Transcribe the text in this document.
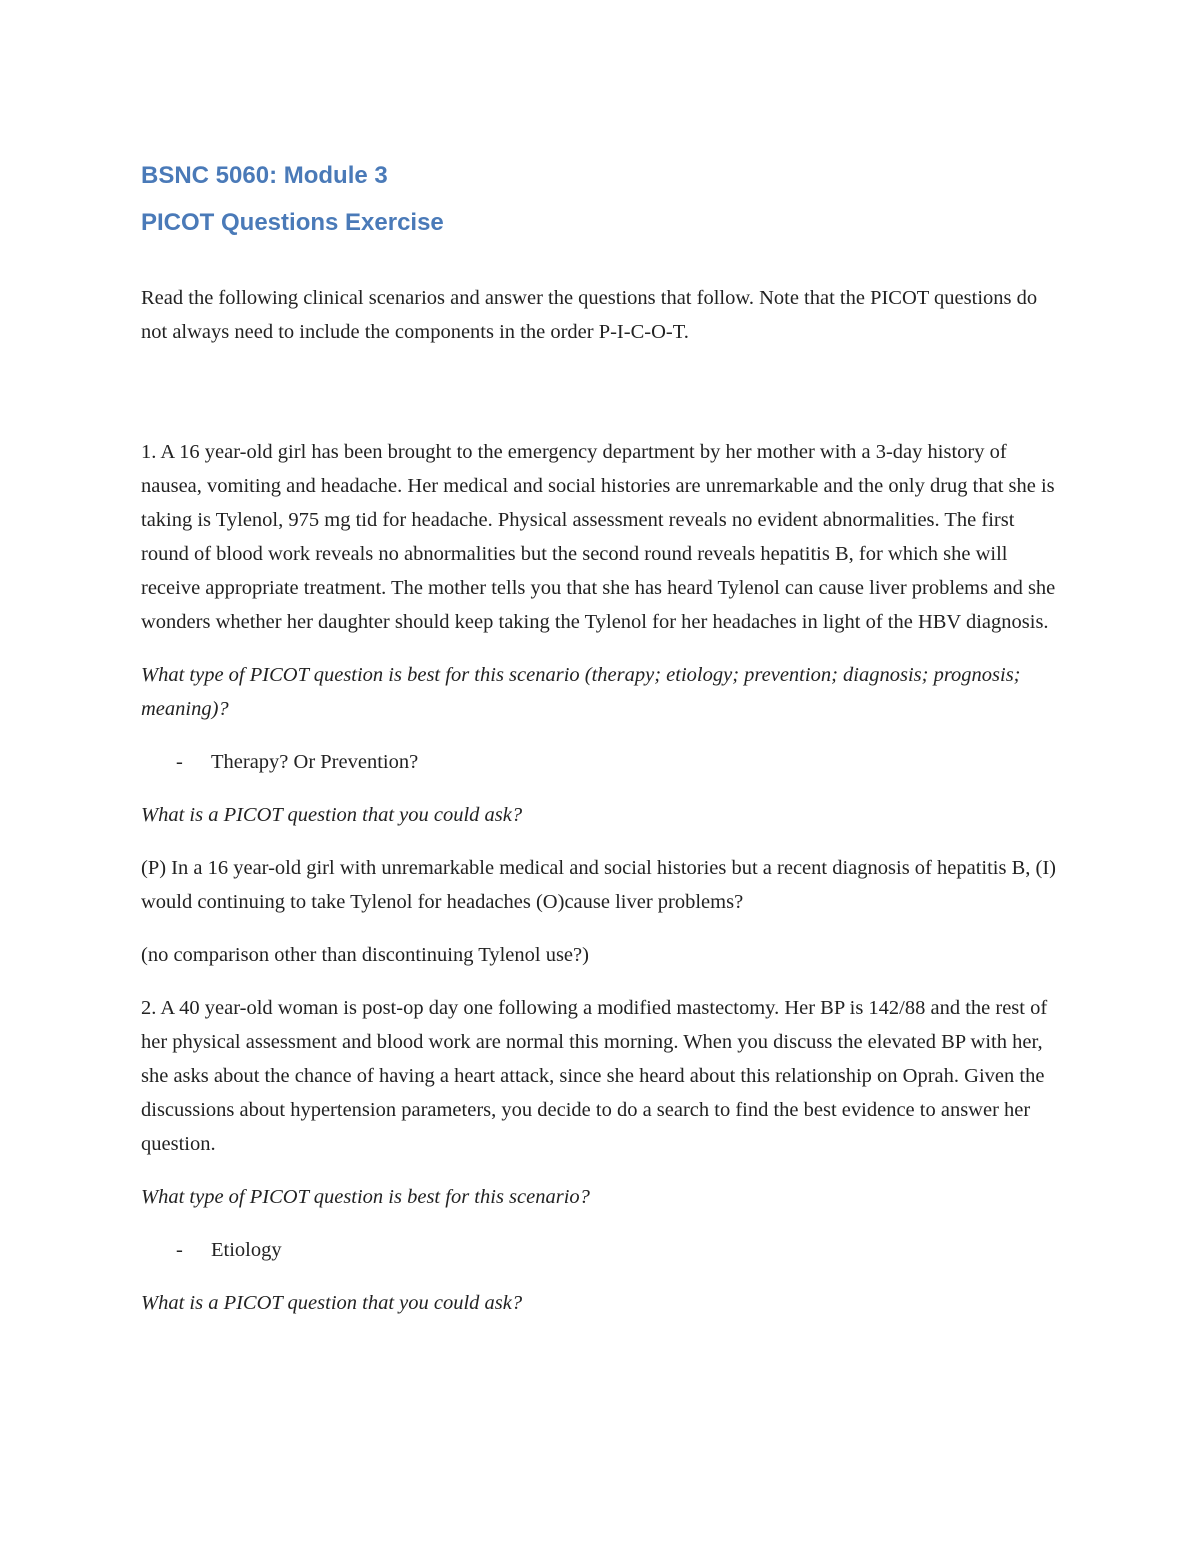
BSNC 5060: Module 3
PICOT Questions Exercise

Read the following clinical scenarios and answer the questions that follow. Note that the PICOT questions do not always need to include the components in the order P-I-C-O-T.

1. A 16 year-old girl has been brought to the emergency department by her mother with a 3-day history of nausea, vomiting and headache. Her medical and social histories are unremarkable and the only drug that she is taking is Tylenol, 975 mg tid for headache. Physical assessment reveals no evident abnormalities. The first round of blood work reveals no abnormalities but the second round reveals hepatitis B, for which she will receive appropriate treatment. The mother tells you that she has heard Tylenol can cause liver problems and she wonders whether her daughter should keep taking the Tylenol for her headaches in light of the HBV diagnosis.

What type of PICOT question is best for this scenario (therapy; etiology; prevention; diagnosis; prognosis; meaning)?

-	Therapy? Or Prevention?

What is a PICOT question that you could ask?

(P) In a 16 year-old girl with unremarkable medical and social histories but a recent diagnosis of hepatitis B, (I) would continuing to take Tylenol for headaches (O)cause liver problems?

(no comparison other than discontinuing Tylenol use?)

2. A 40 year-old woman is post-op day one following a modified mastectomy. Her BP is 142/88 and the rest of her physical assessment and blood work are normal this morning. When you discuss the elevated BP with her, she asks about the chance of having a heart attack, since she heard about this relationship on Oprah. Given the discussions about hypertension parameters, you decide to do a search to find the best evidence to answer her question.

What type of PICOT question is best for this scenario?

-	Etiology

What is a PICOT question that you could ask?
